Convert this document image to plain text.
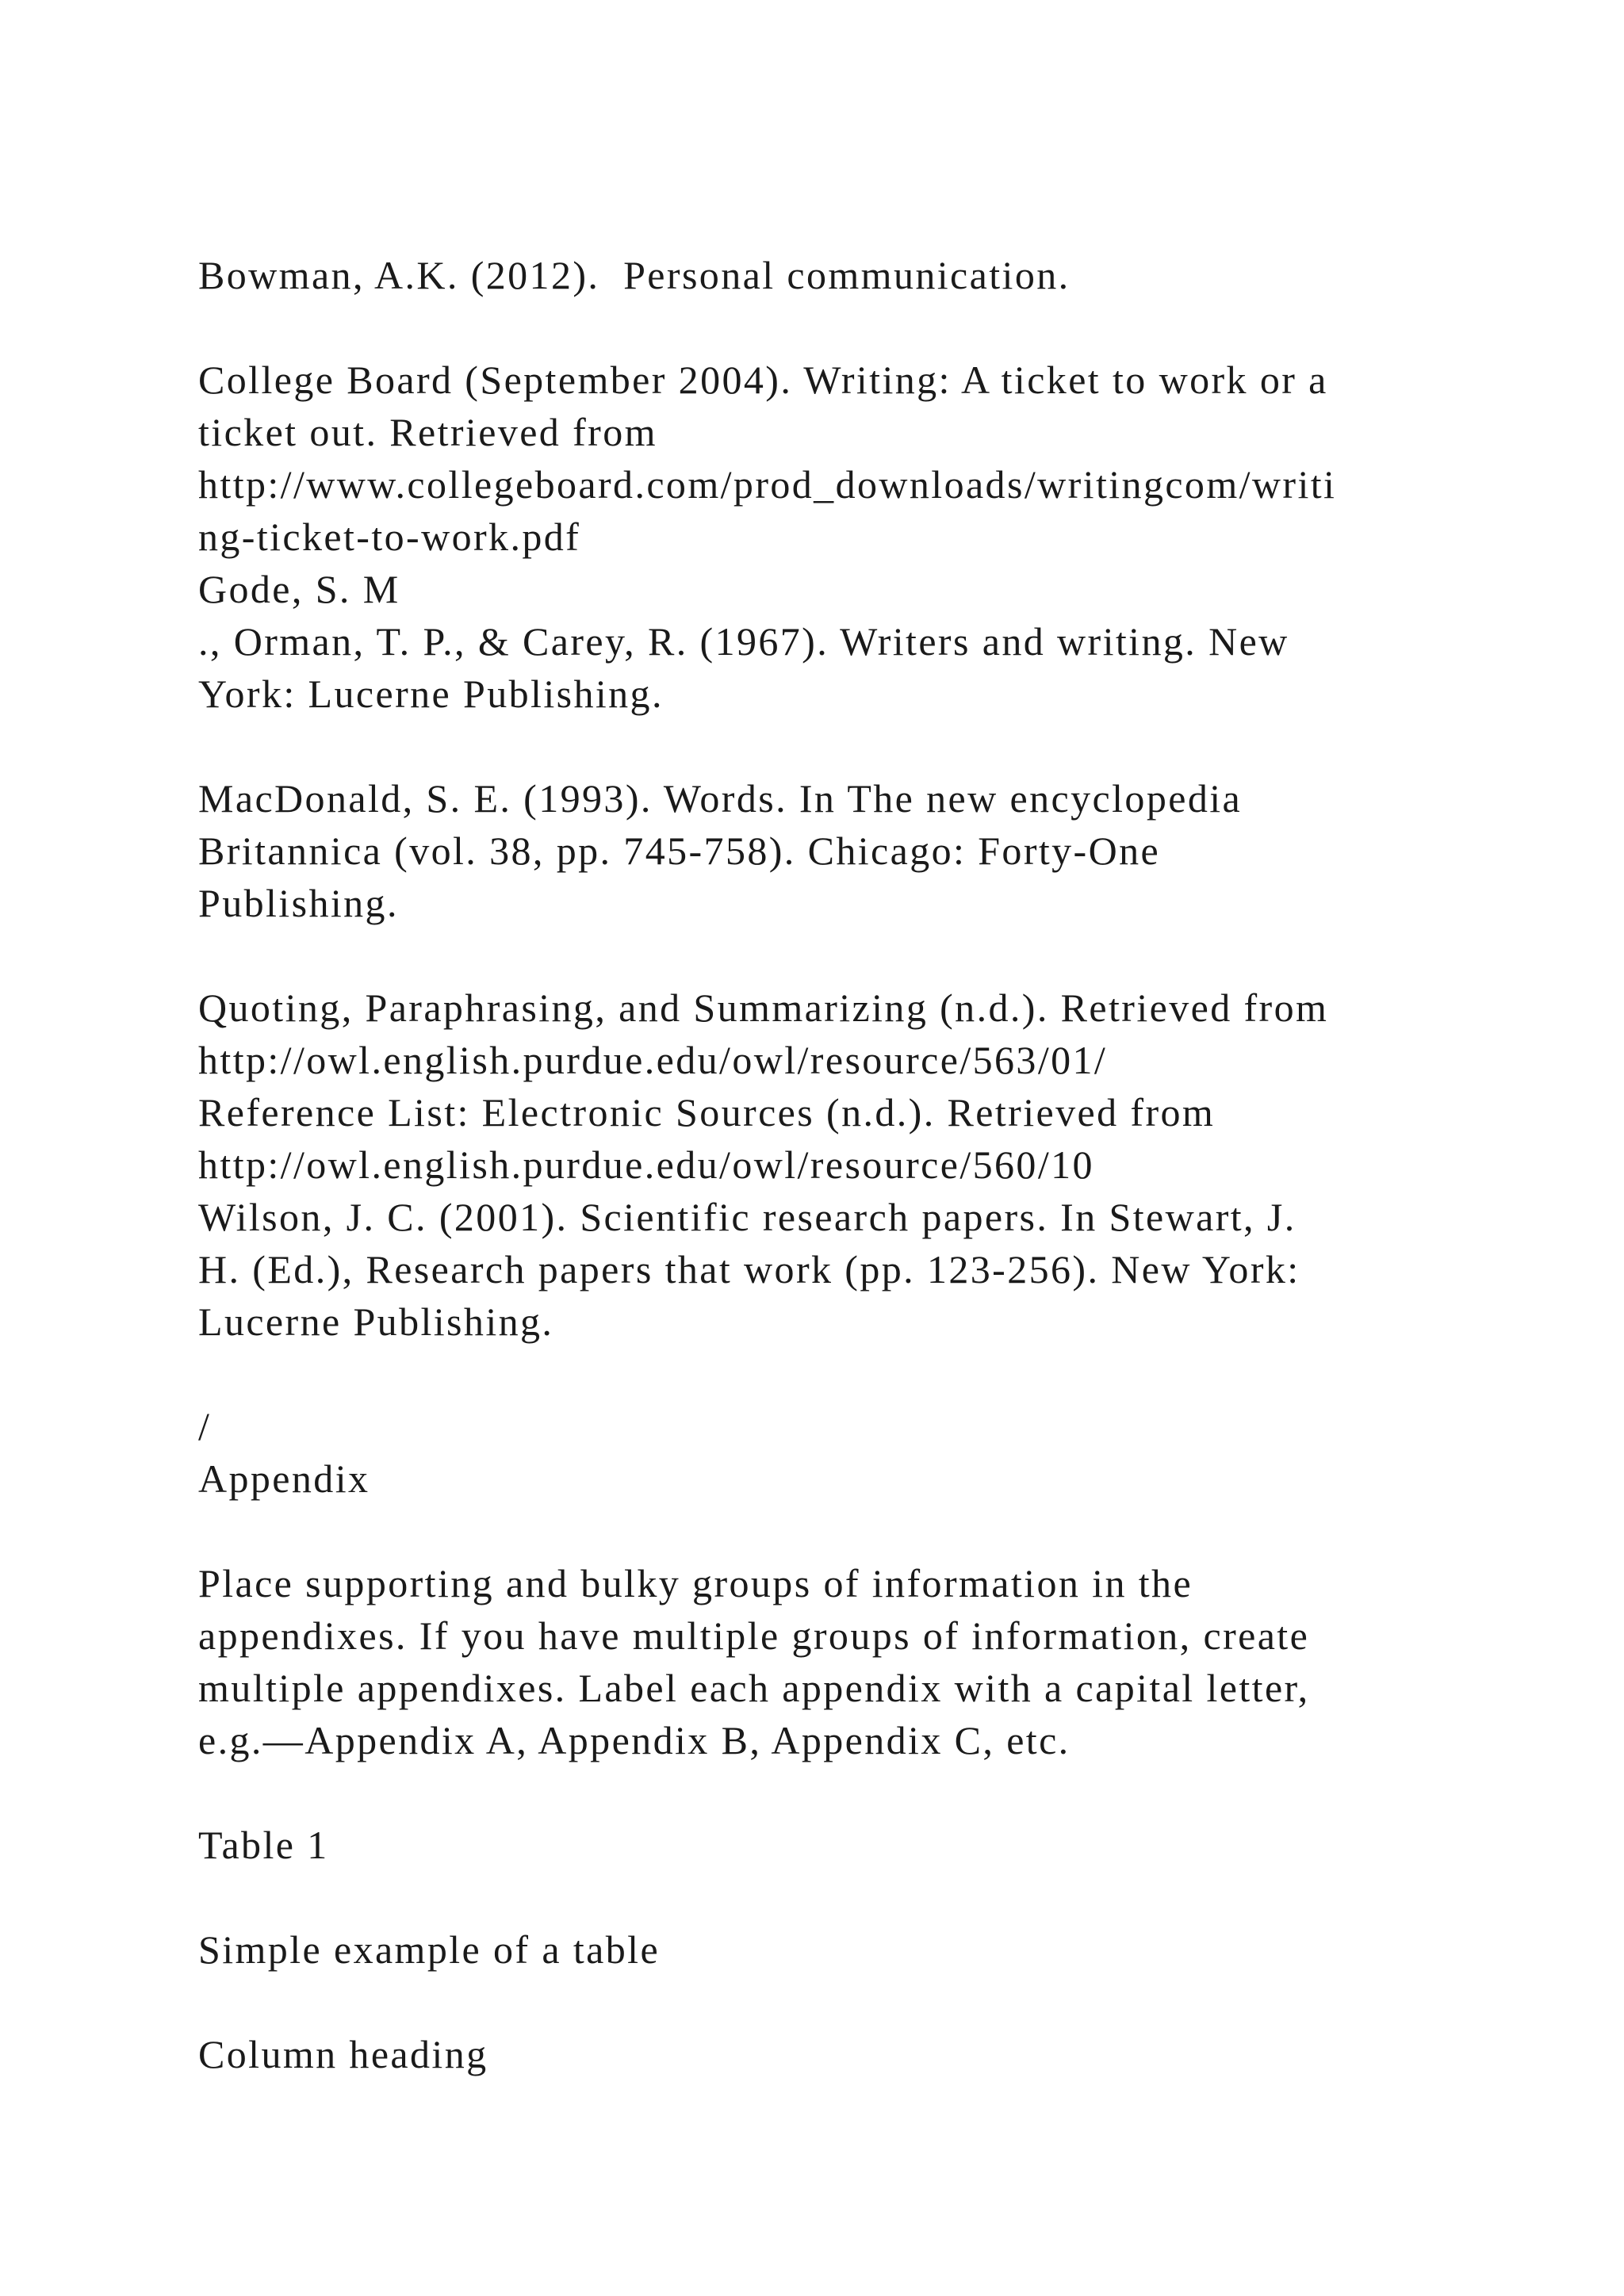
Bowman, A.K. (2012).  Personal communication.
College Board (September 2004). Writing: A ticket to work or a
ticket out. Retrieved from
http://www.collegeboard.com/prod_downloads/writingcom/writi
ng-ticket-to-work.pdf
Gode, S. M
., Orman, T. P., & Carey, R. (1967). Writers and writing. New
York: Lucerne Publishing.
MacDonald, S. E. (1993). Words. In The new encyclopedia
Britannica (vol. 38, pp. 745-758). Chicago: Forty-One
Publishing.
Quoting, Paraphrasing, and Summarizing (n.d.). Retrieved from
http://owl.english.purdue.edu/owl/resource/563/01/
Reference List: Electronic Sources (n.d.). Retrieved from
http://owl.english.purdue.edu/owl/resource/560/10
Wilson, J. C. (2001). Scientific research papers. In Stewart, J.
H. (Ed.), Research papers that work (pp. 123-256). New York:
Lucerne Publishing.
/
Appendix
Place supporting and bulky groups of information in the
appendixes. If you have multiple groups of information, create
multiple appendixes. Label each appendix with a capital letter,
e.g.—Appendix A, Appendix B, Appendix C, etc.
Table 1
Simple example of a table
Column heading
